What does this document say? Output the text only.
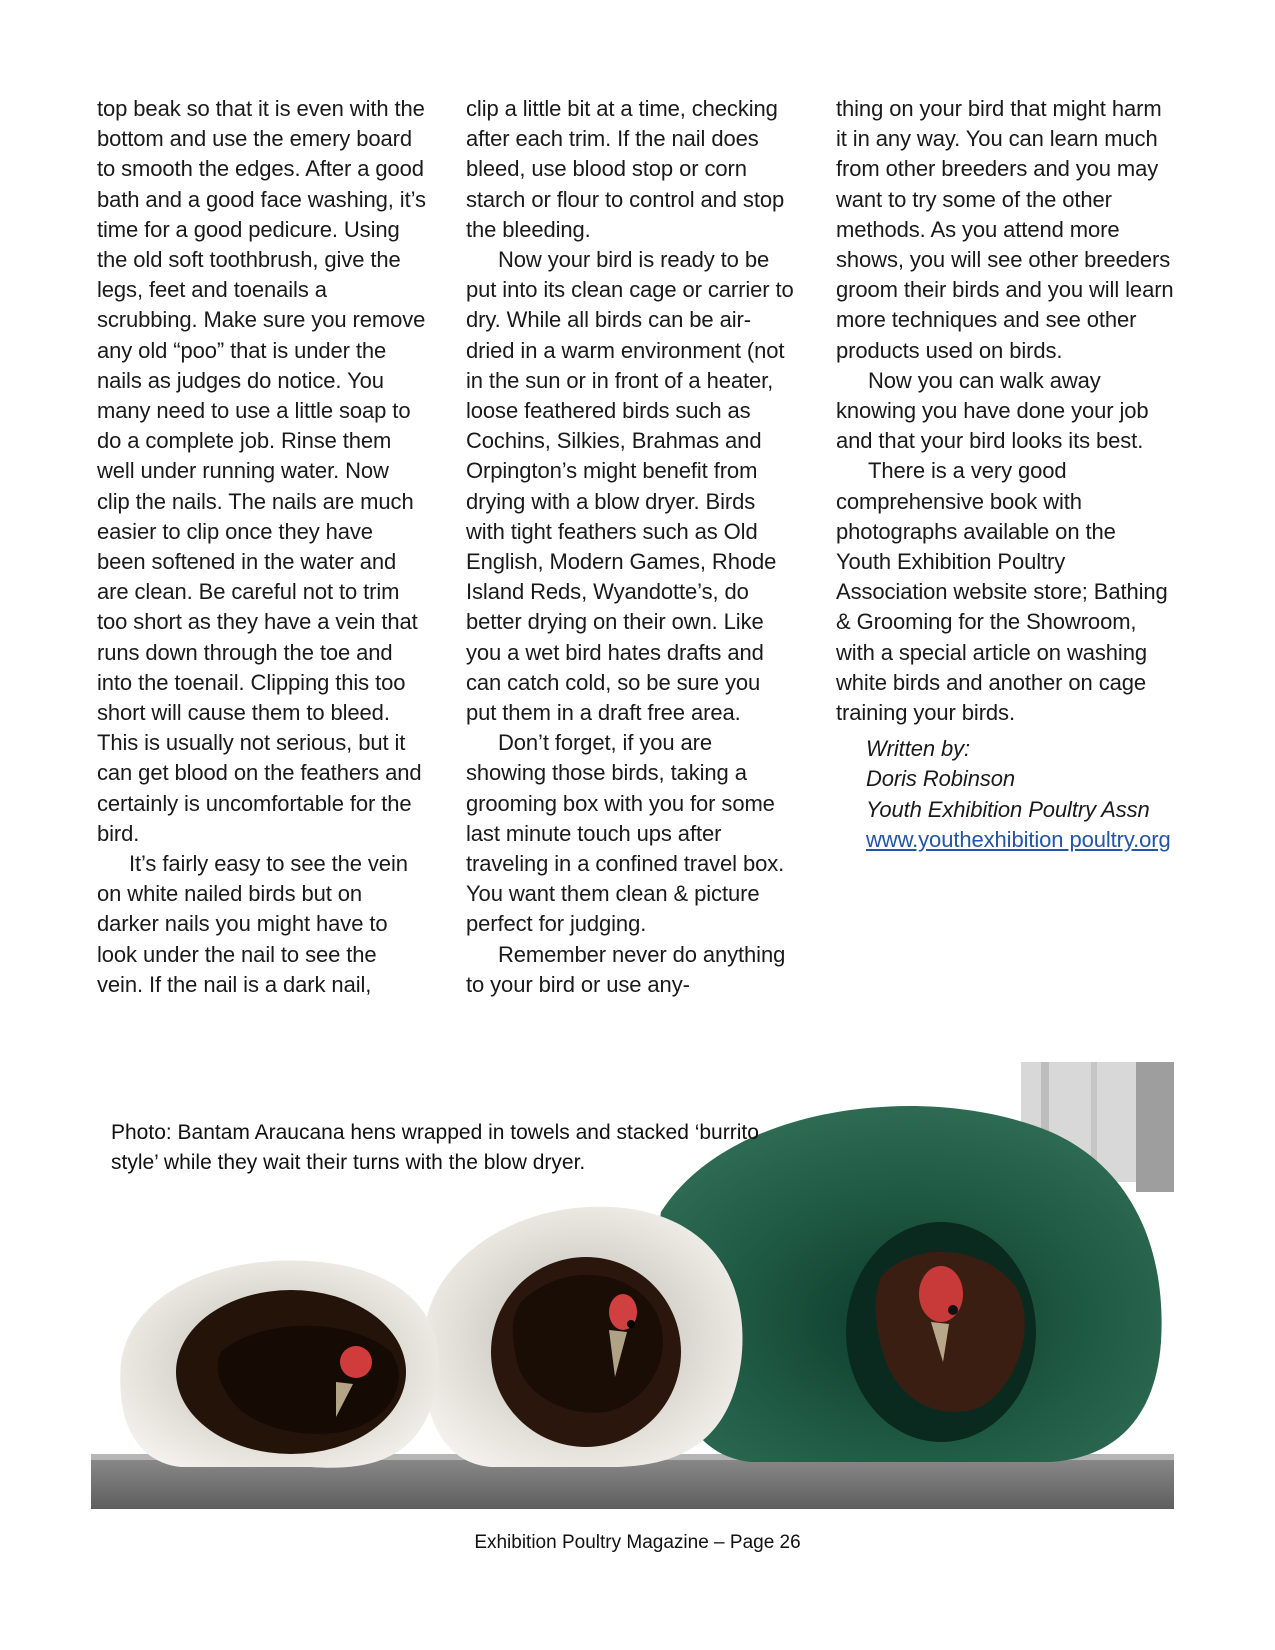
top beak so that it is even with the bottom and use the emery board to smooth the edges. After a good bath and a good face washing, it’s time for a good pedicure. Using the old soft toothbrush, give the legs, feet and toenails a scrubbing. Make sure you remove any old “poo” that is under the nails as judges do notice. You many need to use a little soap to do a complete job. Rinse them well under running water. Now clip the nails. The nails are much easier to clip once they have been softened in the water and are clean. Be careful not to trim too short as they have a vein that runs down through the toe and into the toenail. Clipping this too short will cause them to bleed. This is usually not serious, but it can get blood on the feathers and certainly is uncomfortable for the bird.

It’s fairly easy to see the vein on white nailed birds but on darker nails you might have to look under the nail to see the vein. If the nail is a dark nail,

clip a little bit at a time, checking after each trim. If the nail does bleed, use blood stop or corn starch or flour to control and stop the bleeding.

Now your bird is ready to be put into its clean cage or carrier to dry. While all birds can be air-dried in a warm environment (not in the sun or in front of a heater, loose feathered birds such as Cochins, Silkies, Brahmas and Orpington’s might benefit from drying with a blow dryer. Birds with tight feathers such as Old English, Modern Games, Rhode Island Reds, Wyandotte’s, do better drying on their own. Like you a wet bird hates drafts and can catch cold, so be sure you put them in a draft free area.

Don’t forget, if you are showing those birds, taking a grooming box with you for some last minute touch ups after traveling in a confined travel box. You want them clean & picture perfect for judging.

Remember never do anything to your bird or use any-

thing on your bird that might harm it in any way. You can learn much from other breeders and you may want to try some of the other methods. As you attend more shows, you will see other breeders groom their birds and you will learn more techniques and see other products used on birds.

Now you can walk away knowing you have done your job and that your bird looks its best.

There is a very good comprehensive book with photographs available on the Youth Exhibition Poultry Association website store; Bathing & Grooming for the Showroom, with a special article on washing white birds and another on cage training your birds.

Written by:
Doris Robinson
Youth Exhibition Poultry Assn
www.youthexhibition poultry.org
Photo: Bantam Araucana hens wrapped in towels and stacked ‘burrito style’ while they wait their turns with the blow dryer.
Exhibition Poultry Magazine – Page 26
